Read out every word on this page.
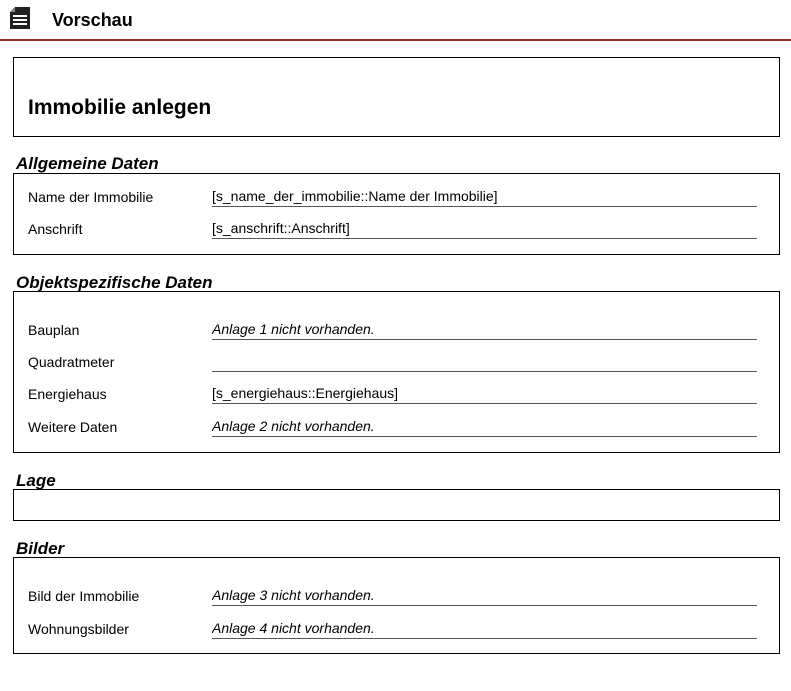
Vorschau
Immobilie anlegen
Allgemeine Daten
Name der Immobilie	[s_name_der_immobilie::Name der Immobilie]
Anschrift	[s_anschrift::Anschrift]
Objektspezifische Daten
Bauplan	Anlage 1 nicht vorhanden.
Quadratmeter
Energiehaus	[s_energiehaus::Energiehaus]
Weitere Daten	Anlage 2 nicht vorhanden.
Lage
Bilder
Bild der Immobilie	Anlage 3 nicht vorhanden.
Wohnungsbilder	Anlage 4 nicht vorhanden.
